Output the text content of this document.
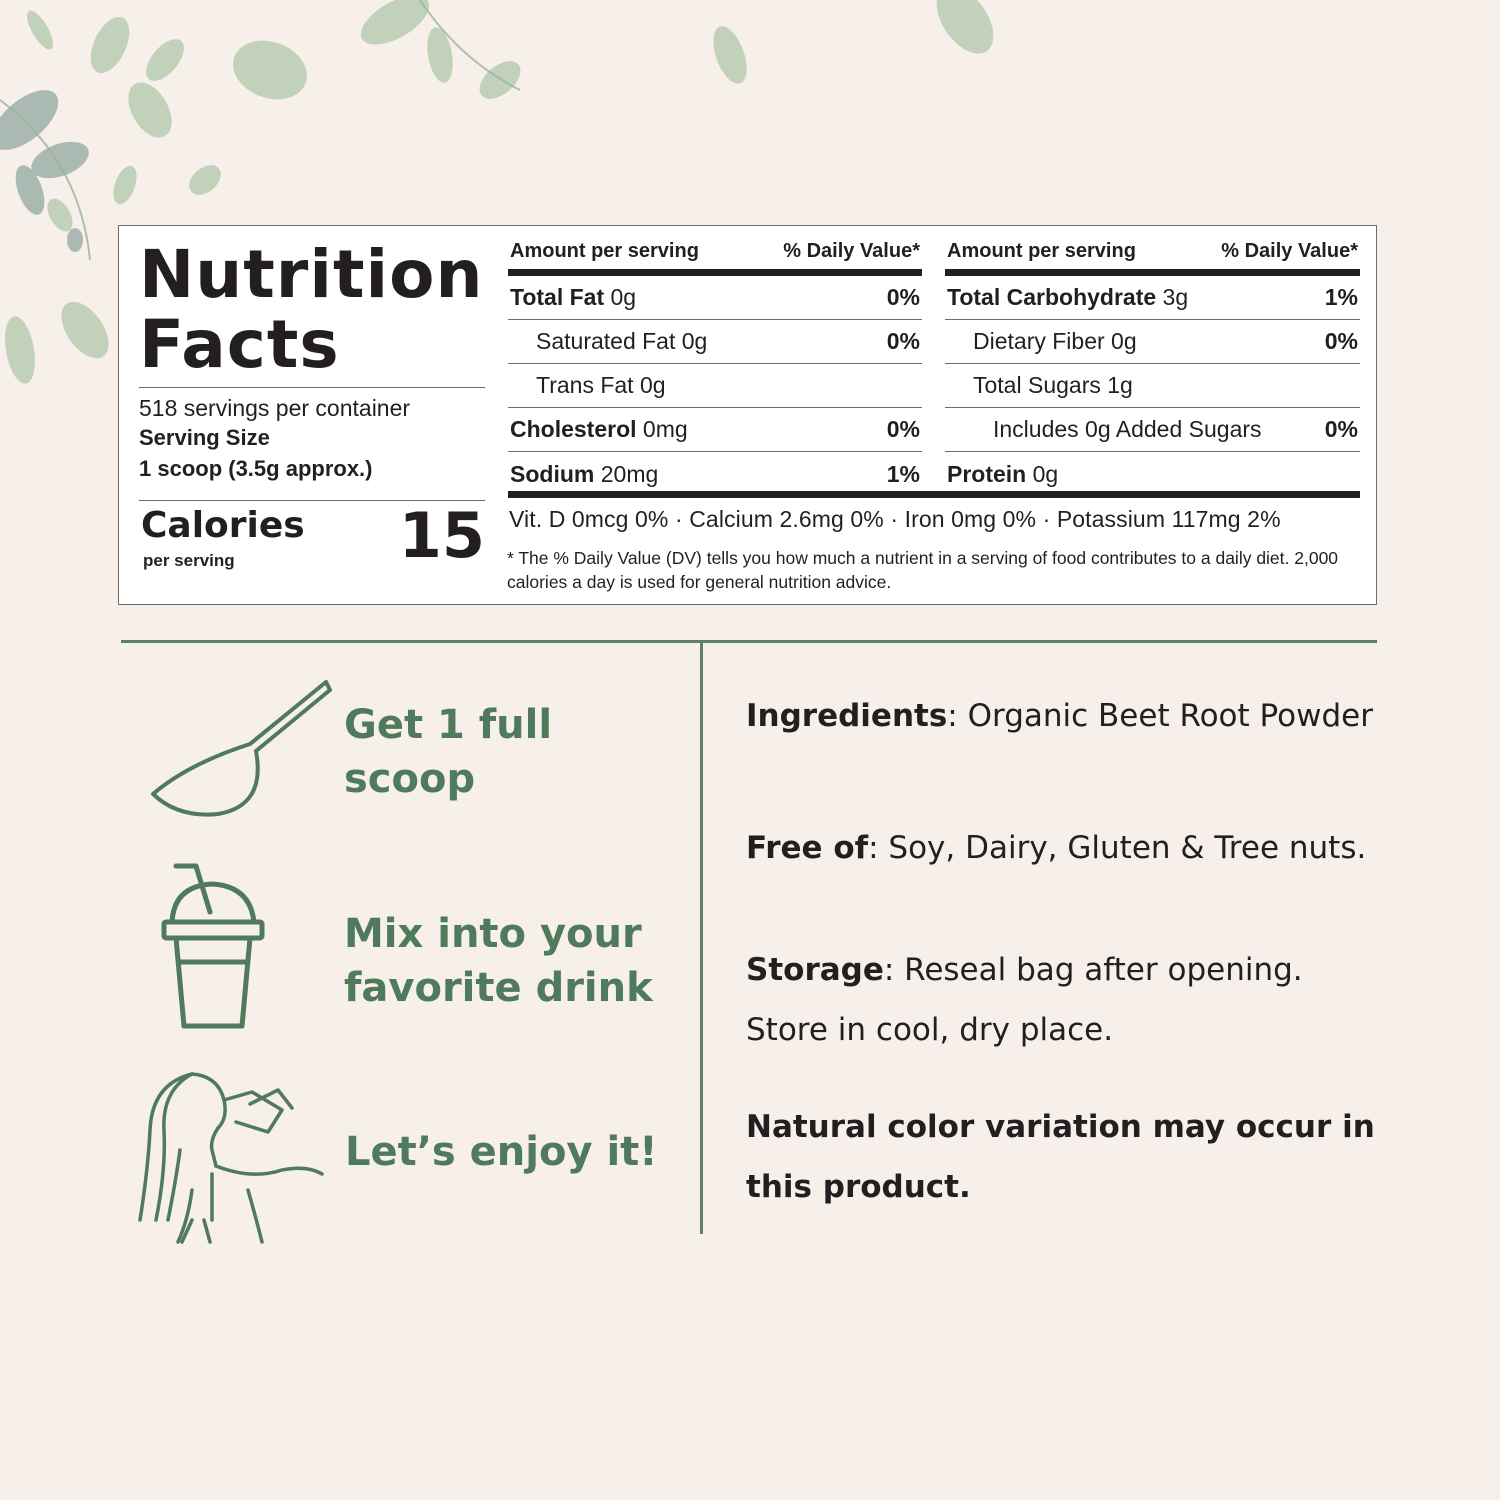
Nutrition
Facts
518 servings per container
Serving Size
1 scoop (3.5g approx.)
Calories
per serving	15
Amount per serving	% Daily Value*
Total Fat 0g	0%
Saturated Fat 0g	0%
Trans Fat 0g
Cholesterol 0mg	0%
Sodium 20mg	1%
Amount per serving	% Daily Value*
Total Carbohydrate 3g	1%
Dietary Fiber 0g	0%
Total Sugars 1g
Includes 0g Added Sugars	0%
Protein 0g
Vit. D 0mcg 0% · Calcium 2.6mg 0% · Iron 0mg 0% · Potassium 117mg 2%
* The % Daily Value (DV) tells you how much a nutrient in a serving of food contributes to a daily diet. 2,000 calories a day is used for general nutrition advice.
Get 1 full
scoop
Mix into your
favorite drink
Let’s enjoy it!
Ingredients: Organic Beet Root Powder
Free of: Soy, Dairy, Gluten & Tree nuts.
Storage: Reseal bag after opening.
Store in cool, dry place.
Natural color variation may occur in this product.
